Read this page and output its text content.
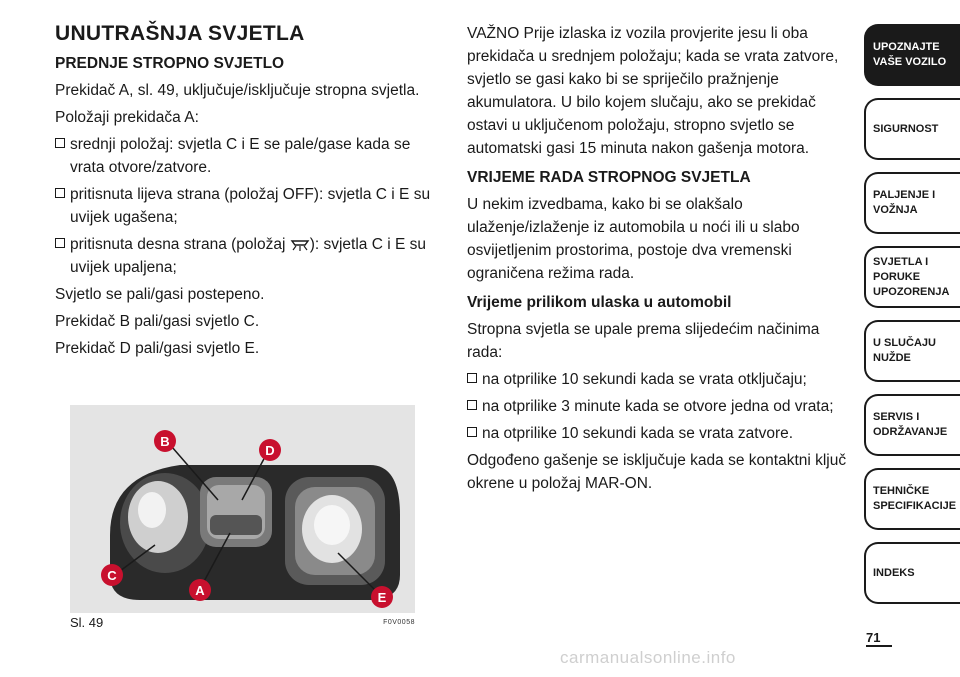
UNUTRAŠNJA SVJETLA
PREDNJE STROPNO SVJETLO
Prekidač A, sl. 49, uključuje/isključuje stropna svjetla.
Položaji prekidača A:
srednji položaj: svjetla C i E se pale/gase kada se vrata otvore/zatvore.
pritisnuta lijeva strana (položaj OFF): svjetla C i E su uvijek ugašena;
pritisnuta desna strana (položaj ): svjetla C i E su uvijek upaljena;
Svjetlo se pali/gasi postepeno.
Prekidač B pali/gasi svjetlo C.
Prekidač D pali/gasi svjetlo E.
B
D
C
A	E
Sl. 49	F0V0058
VAŽNO Prije izlaska iz vozila provjerite jesu li oba prekidača u srednjem položaju; kada se vrata zatvore, svjetlo se gasi kako bi se spriječilo pražnjenje akumulatora. U bilo kojem slučaju, ako se prekidač ostavi u uključenom položaju, stropno svjetlo se automatski gasi 15 minuta nakon gašenja motora.
VRIJEME RADA STROPNOG SVJETLA
U nekim izvedbama, kako bi se olakšalo ulaženje/izlaženje iz automobila u noći ili u slabo osvijetljenim prostorima, postoje dva vremenski ograničena režima rada.
Vrijeme prilikom ulaska u automobil
Stropna svjetla se upale prema slijedećim načinima rada:
na otprilike 10 sekundi kada se vrata otključaju;
na otprilike 3 minute kada se otvore jedna od vrata;
na otprilike 10 sekundi kada se vrata zatvore.
Odgođeno gašenje se isključuje kada se kontaktni ključ okrene u položaj MAR-ON.
UPOZNAJTE
VAŠE VOZILO
SIGURNOST
PALJENJE I
VOŽNJA
SVJETLA I PORUKE
UPOZORENJA
U SLUČAJU
NUŽDE
SERVIS I
ODRŽAVANJE
TEHNIČKE
SPECIFIKACIJE
INDEKS
71
carmanualsonline.info
